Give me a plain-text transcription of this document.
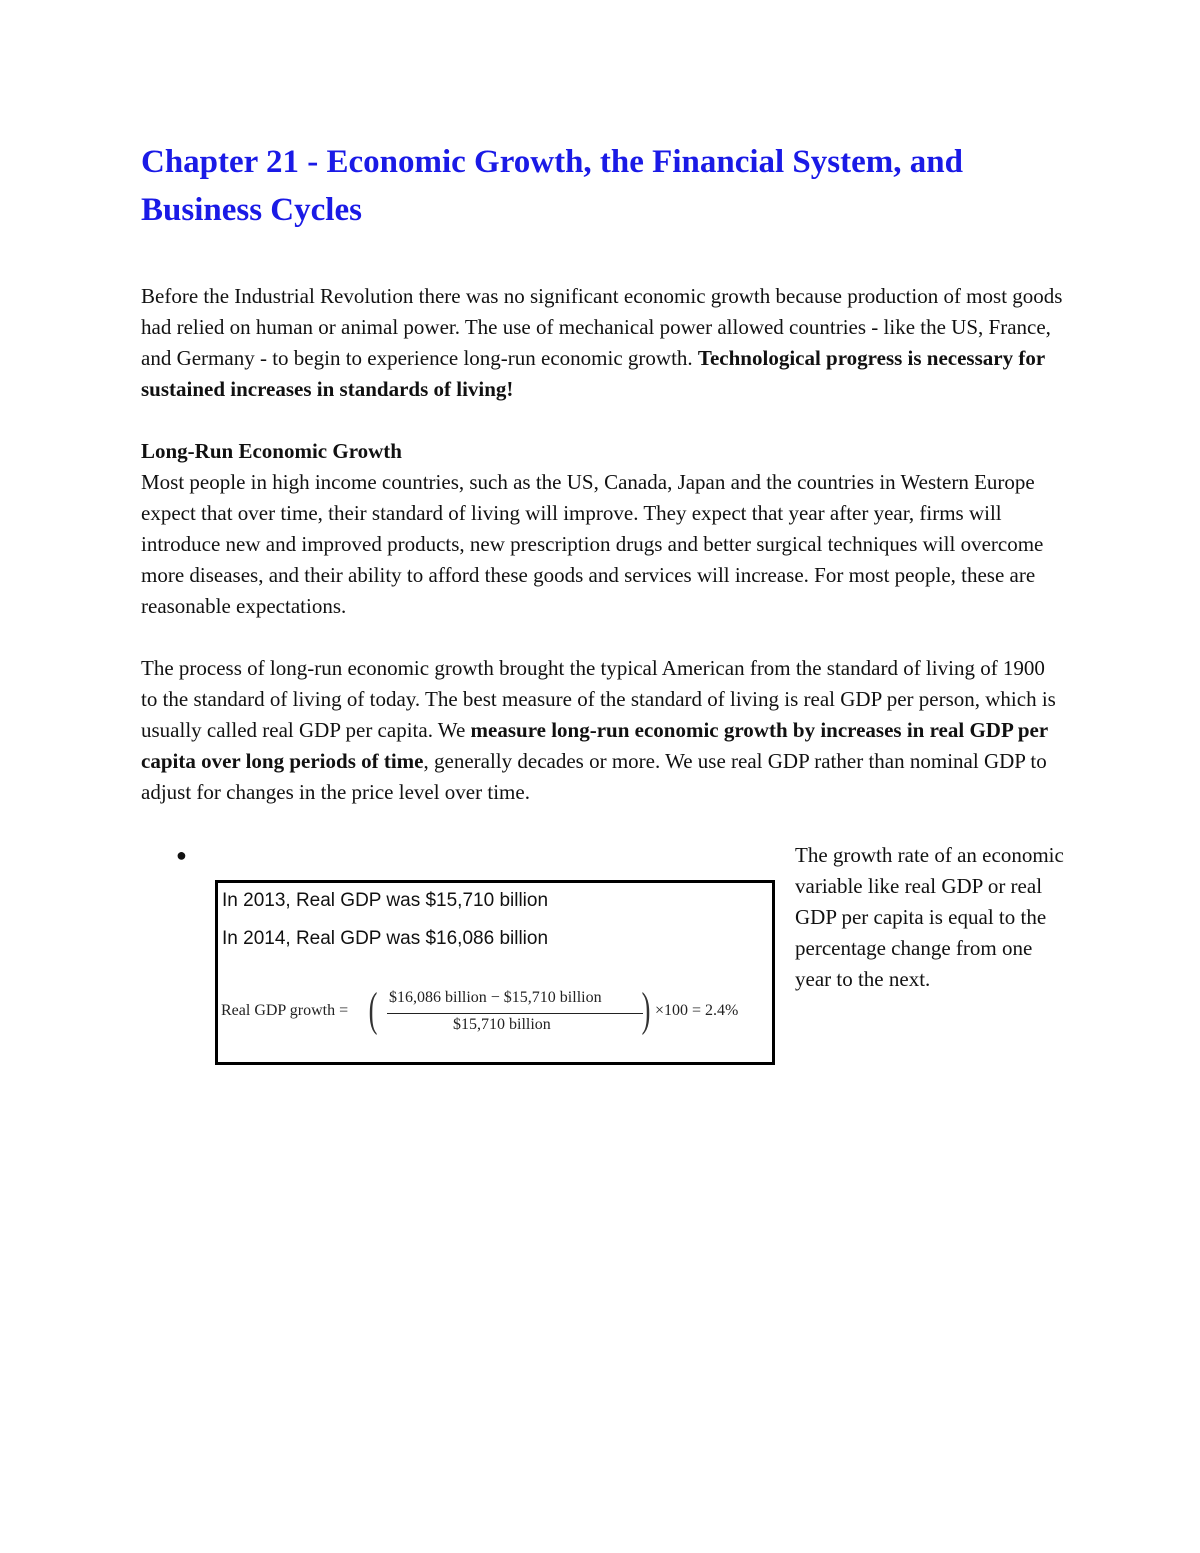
Chapter 21 - Economic Growth, the Financial System, and Business Cycles

Before the Industrial Revolution there was no significant economic growth because production of most goods had relied on human or animal power. The use of mechanical power allowed countries - like the US, France, and Germany - to begin to experience long-run economic growth. Technological progress is necessary for sustained increases in standards of living!

Long-Run Economic Growth

Most people in high income countries, such as the US, Canada, Japan and the countries in Western Europe expect that over time, their standard of living will improve. They expect that year after year, firms will introduce new and improved products, new prescription drugs and better surgical techniques will overcome more diseases, and their ability to afford these goods and services will increase. For most people, these are reasonable expectations.

The process of long-run economic growth brought the typical American from the standard of living of 1900 to the standard of living of today. The best measure of the standard of living is real GDP per person, which is usually called real GDP per capita. We measure long-run economic growth by increases in real GDP per capita over long periods of time, generally decades or more. We use real GDP rather than nominal GDP to adjust for changes in the price level over time.

●
In 2013, Real GDP was $15,710 billion
In 2014, Real GDP was $16,086 billion
Real GDP growth = ( $16,086 billion − $15,710 billion
$15,710 billion ) ×100 = 2.4%

The growth rate of an economic variable like real GDP or real GDP per capita is equal to the percentage change from one year to the next.
